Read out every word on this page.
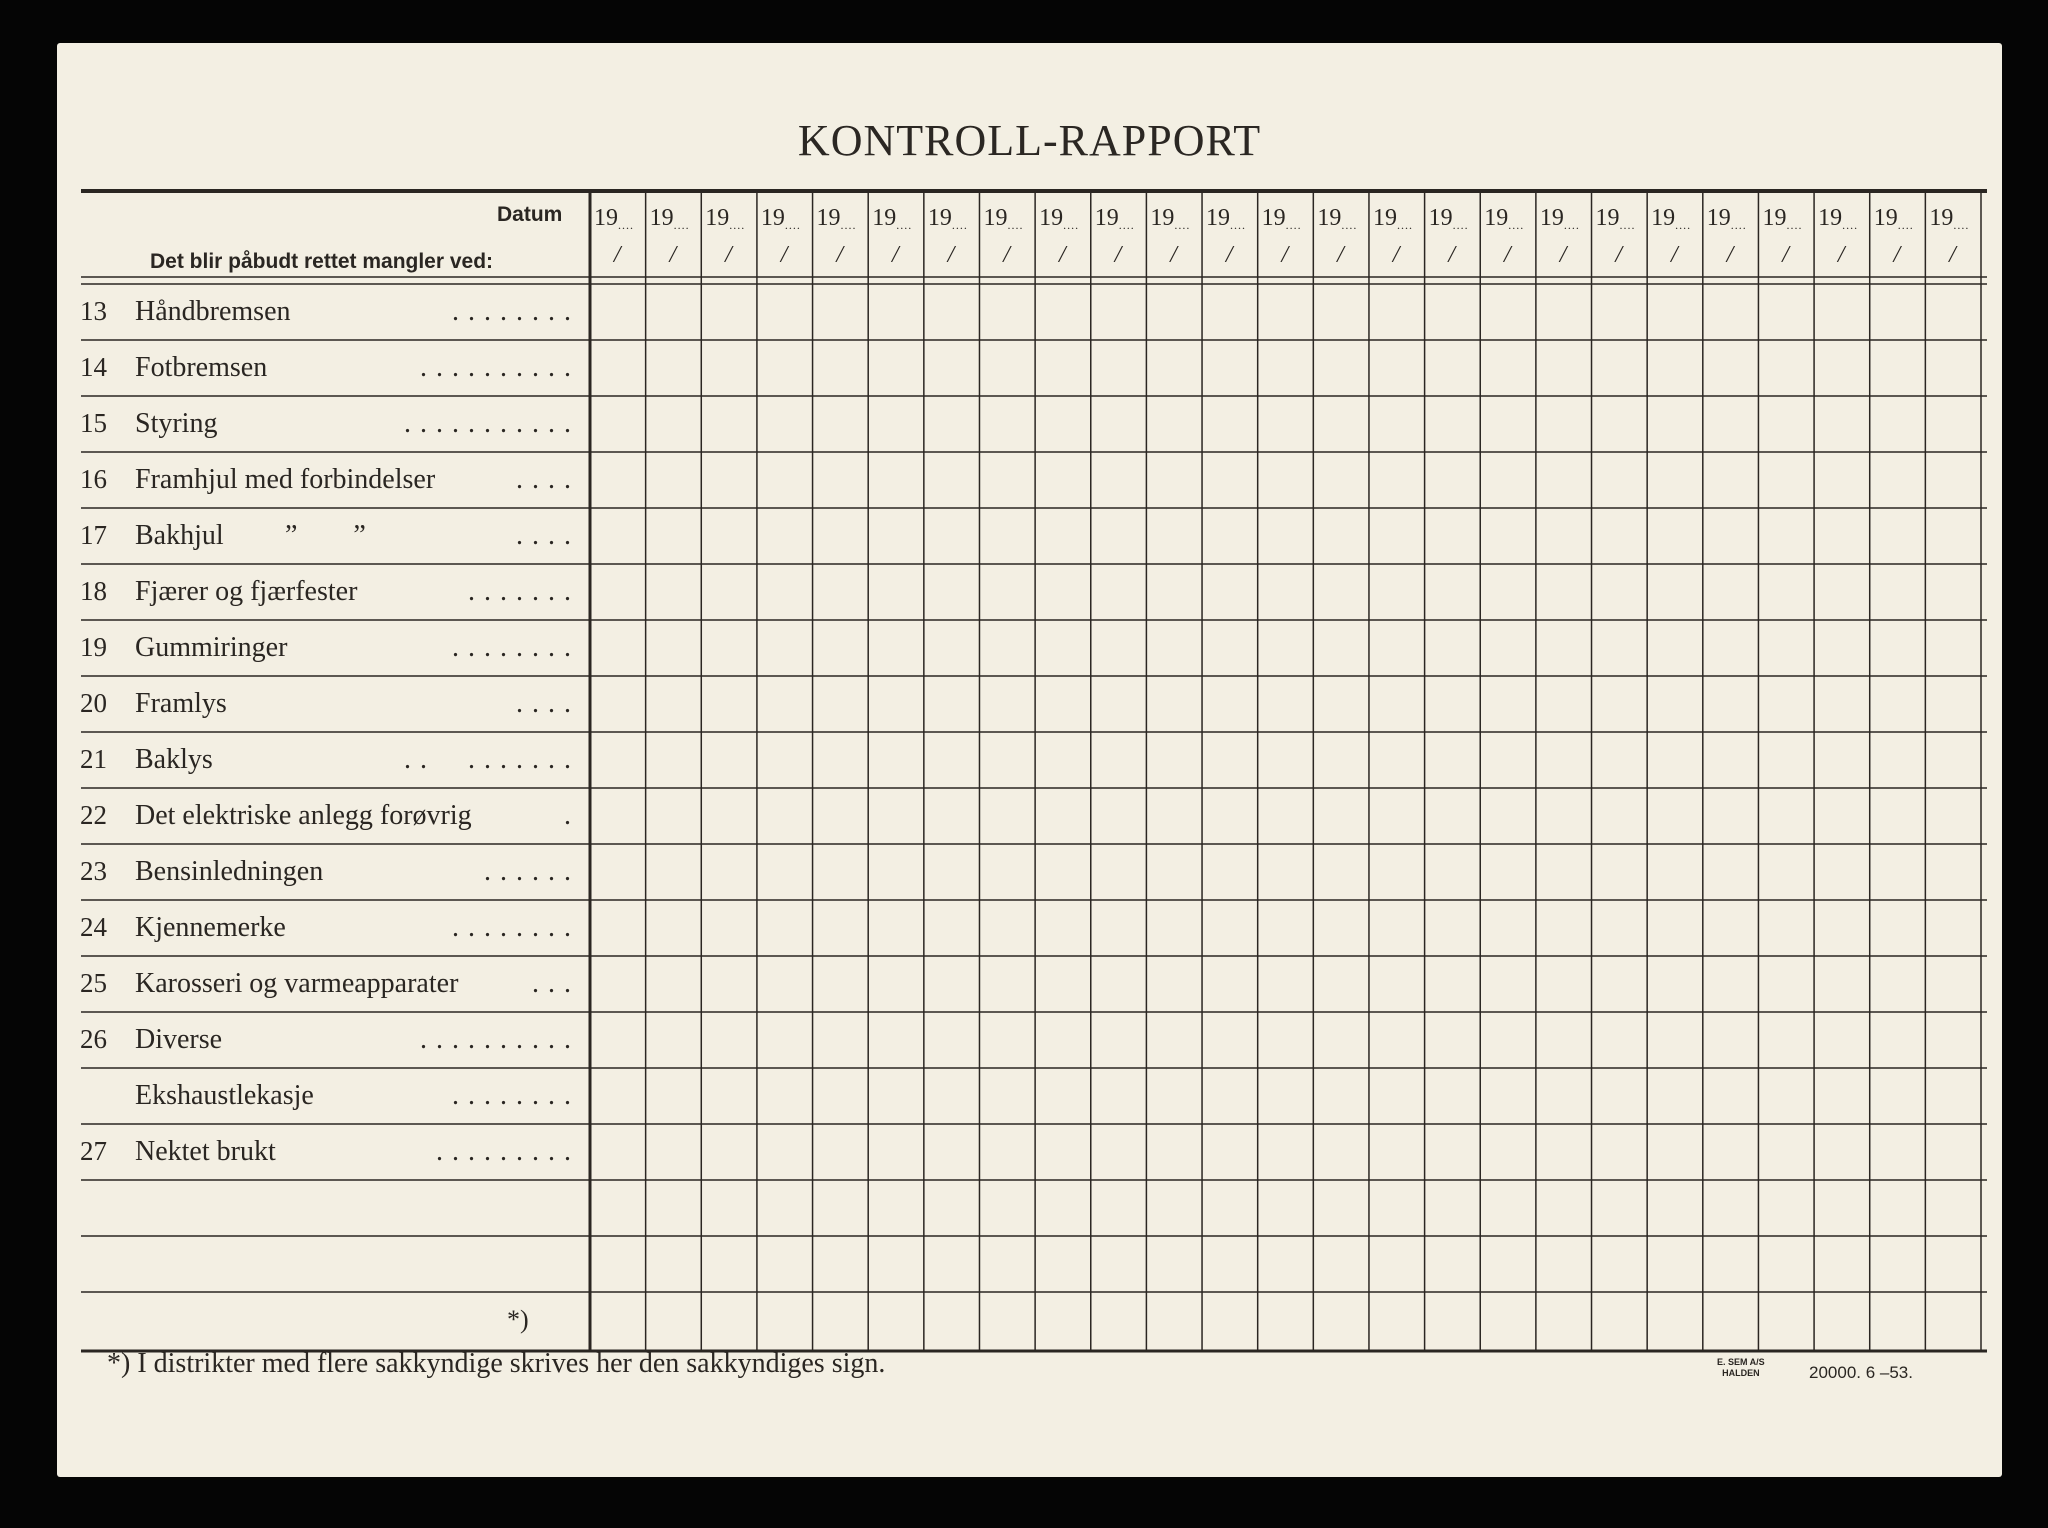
KONTROLL-RAPPORT
Datum
Det blir påbudt rettet mangler ved:
19....
/
19....
/
19....
/
19....
/
19....
/
19....
/
19....
/
19....
/
19....
/
19....
/
19....
/
19....
/
19....
/
19....
/
19....
/
19....
/
19....
/
19....
/
19....
/
19....
/
19....
/
19....
/
19....
/
19....
/
19....
/
13 Håndbremsen	........
14 Fotbremsen	..........
15 Styring	...........
16 Framhjul med forbindelser	....
17 Bakhjul ”        ”	....
18 Fjærer og fjærfester	.......
19 Gummiringer	........
20 Framlys	....
21 Baklys	..  .......
22 Det elektriske anlegg forøvrig	.
23 Bensinledningen	......
24 Kjennemerke	........
25 Karosseri og varmeapparater	...
26 Diverse	..........
Ekshaustlekasje	........
27 Nektet brukt	.........
*)
*) I distrikter med flere sakkyndige skrives her den sakkyndiges sign.	E. SEM A/S
HALDEN	20000. 6 –53.
